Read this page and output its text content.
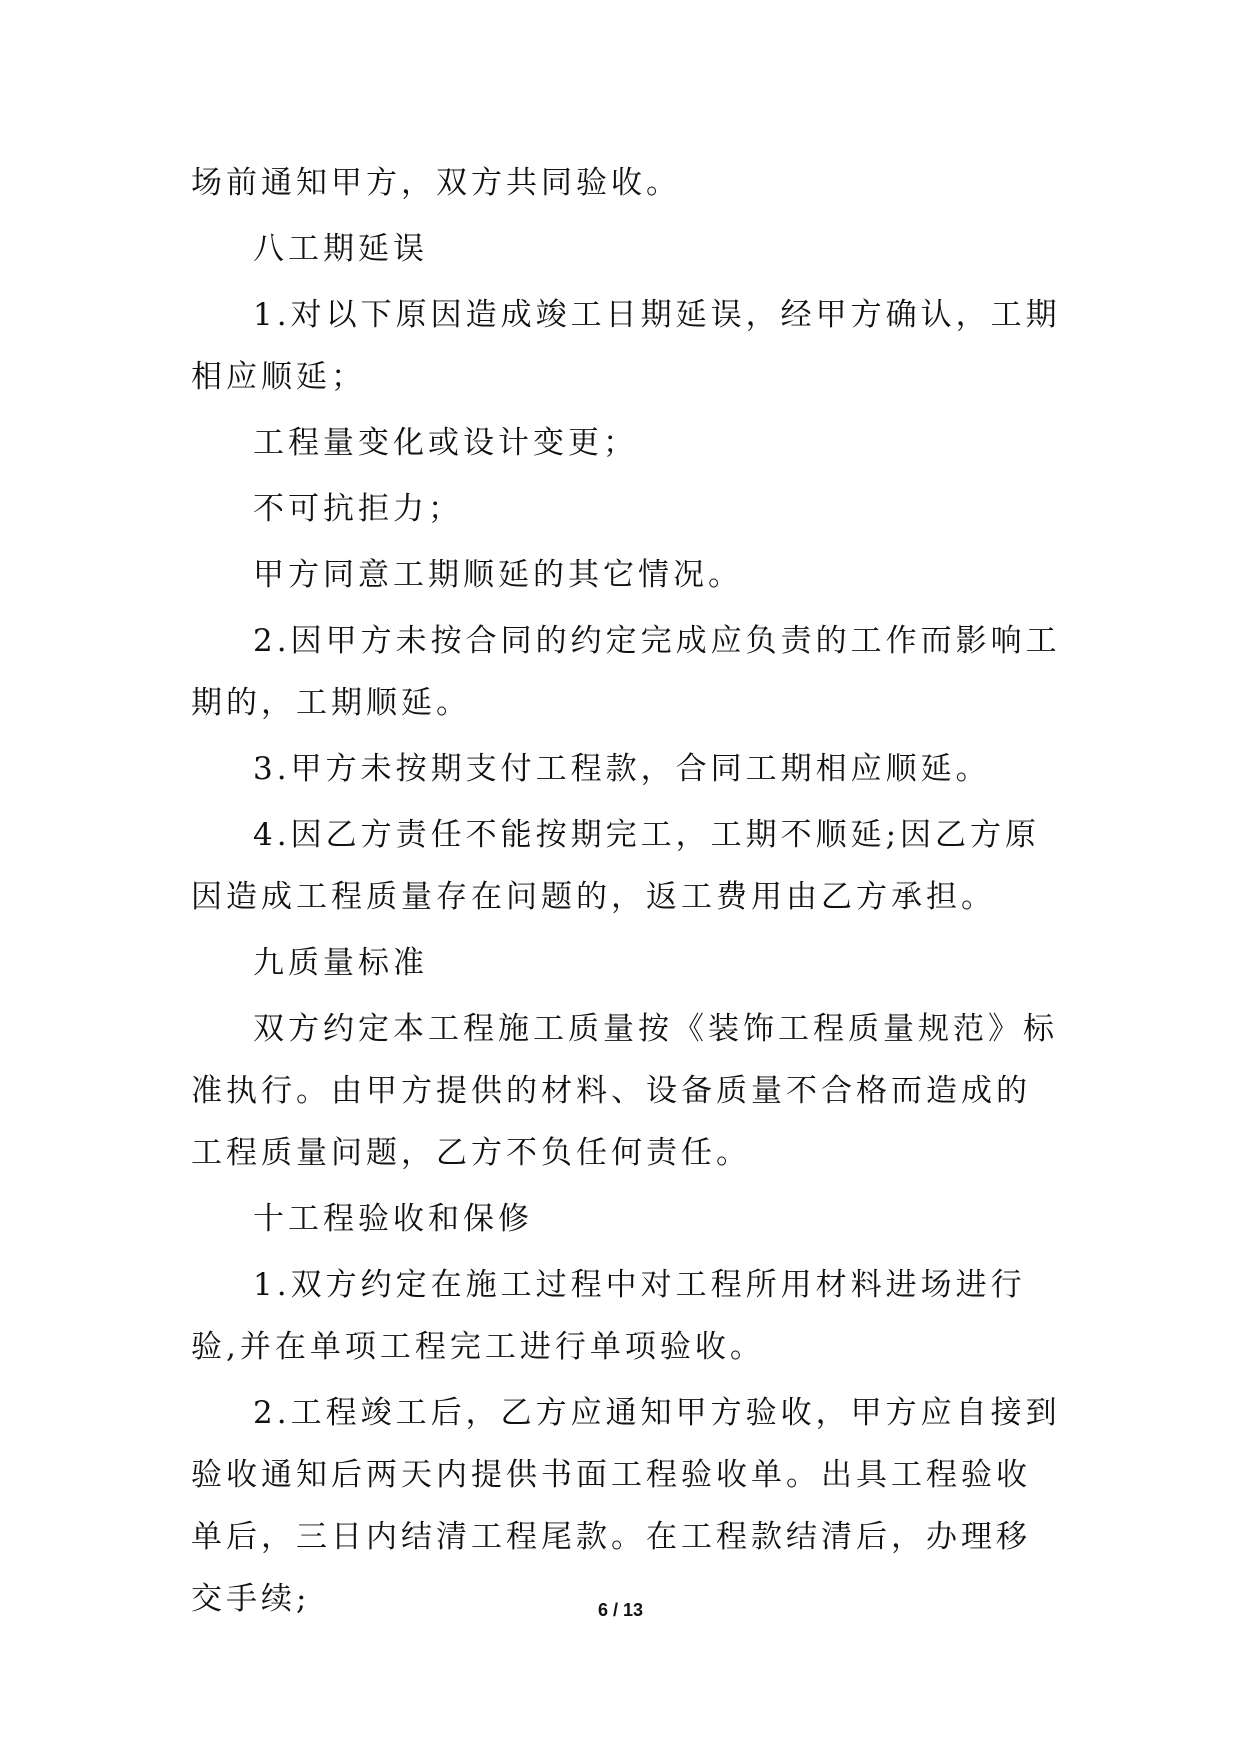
场前通知甲方，双方共同验收。

八工期延误

1.对以下原因造成竣工日期延误，经甲方确认，工期相应顺延；

工程量变化或设计变更；

不可抗拒力；

甲方同意工期顺延的其它情况。

2.因甲方未按合同的约定完成应负责的工作而影响工期的，工期顺延。

3.甲方未按期支付工程款，合同工期相应顺延。

4.因乙方责任不能按期完工，工期不顺延;因乙方原因造成工程质量存在问题的，返工费用由乙方承担。

九质量标准

双方约定本工程施工质量按《装饰工程质量规范》标准执行。由甲方提供的材料、设备质量不合格而造成的工程质量问题，乙方不负任何责任。

十工程验收和保修

1.双方约定在施工过程中对工程所用材料进场进行验,并在单项工程完工进行单项验收。

2.工程竣工后，乙方应通知甲方验收，甲方应自接到验收通知后两天内提供书面工程验收单。出具工程验收单后，三日内结清工程尾款。在工程款结清后，办理移交手续;	6 / 13
